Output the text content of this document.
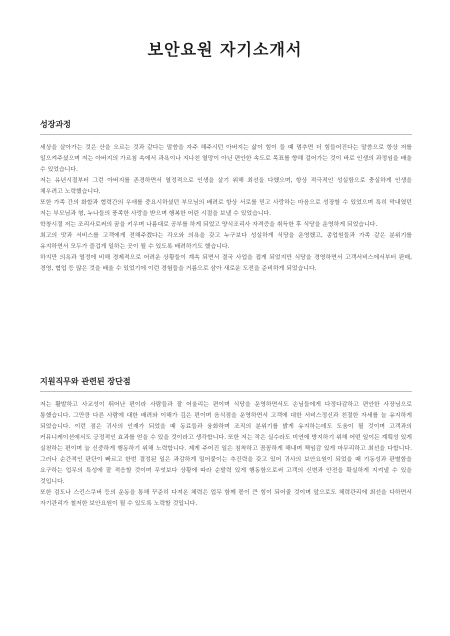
보안요원 자기소개서
성장과정

세상을 살아가는 것은 산을 오르는 것과 같다는 말씀을 자주 해주시던 아버지는 삶이 힘이 들 때 멈추면 더 힘들어진다는 말씀으로 항상 저를 일으켜주셨으며 저는 아버지의 가르침 속에서 과욕이나 지나친 열망이 아닌 편안한 속도로 목표를 향해 걸어가는 것이 바로 인생의 과정임을 배울 수 있었습니다.

저는 유년시절부터 그런 아버지를 존경하면서 열정적으로 인생을 살기 위해 최선을 다했으며, 항상 적극적인 성실함으로 충실하게 인생을 채우려고 노력했습니다.

또한 가족 간의 화합과 협력간의 우애를 중요시하셨던 부모님의 배려로 항상 서로를 믿고 사랑하는 마음으로 성장할 수 있었으며 특히 막내였던 저는 부모님과 형, 누나들의 풍족한 사랑을 받으며 행복한 어린 시절을 보낼 수 있었습니다.

학창시절 저는 조리사로써의 꿈을 키우며 나름대로 공부를 하게 되었고 양식조리사 자격증을 취득한 후 식당을 운영하게 되었습니다.

최고의 맛과 서비스를 고객에게 전해주겠다는 각오와 의욕을 갖고 누구보다 성실하게 식당을 운영했고, 종업원들과 가족 같은 분위기를 유지하면서 모두가 즐겁게 일하는 곳이 될 수 있도록 배려하기도 했습니다.

하지만 의욕과 열정에 비해 경제적으로 어려운 상황들이 계속 되면서 결국 사업을 접게 되었지만 식당을 경영하면서 고객서비스에서부터 판매, 경영, 협업 등 많은 것을 배울 수 있었기에 이런 경험들을 거름으로 삼아 새로운 도전을 준비하게 되었습니다.

지원직무와 관련된 장단점

저는 활발하고 사교성이 뛰어난 편이라 사람들과 잘 어울리는 편이며 식당을 운영하면서도 손님들에게 다정다감하고 편안한 사장님으로 통했습니다. 그만큼 다른 사람에 대한 배려와 이해가 깊은 편이며 음식점을 운영하면서 고객에 대한 서비스정신과 친절한 자세를 늘 유지하게 되었습니다. 이런 점은 귀사의 인재가 되었을 때 동료들과 융화하며 조직의 분위기를 밝게 유지하는데도 도움이 될 것이며 고객과의 커뮤니케이션에서도 긍정적인 효과를 얻을 수 있을 것이라고 생각합니다. 또한 저는 작은 실수라도 미연에 방지하기 위해 어떤 일이든 계획성 있게 실천하는 편이며 늘 신중하게 행동하기 위해 노력합니다. 제게 주어진 일은 침착하고 꼼꼼하게 해내며 책임감 있게 마무리하고 최선을 다합니다. 그러나 순간적인 판단이 빠르고 한번 결정된 일은 과감하게 밀어붙이는 추진력을 갖고 있어 귀사의 보안요원이 되었을 때 기동성과 판별함을 요구하는 업무의 특성에 잘 적응할 것이며 무엇보다 상황에 따라 순발력 있게 행동함으로써 고객의 신변과 안전을 확실하게 지켜낼 수 있을 것입니다.

또한 검도나 스킨스쿠버 등의 운동을 통해 꾸준히 다져온 체력은 업무 함께 몫이 큰 힘이 되어줄 것이며 앞으로도 체력관리에 최선을 다하면서 자기관리가 철저한 보안요원이 될 수 있도록 노력할 것입니다.
